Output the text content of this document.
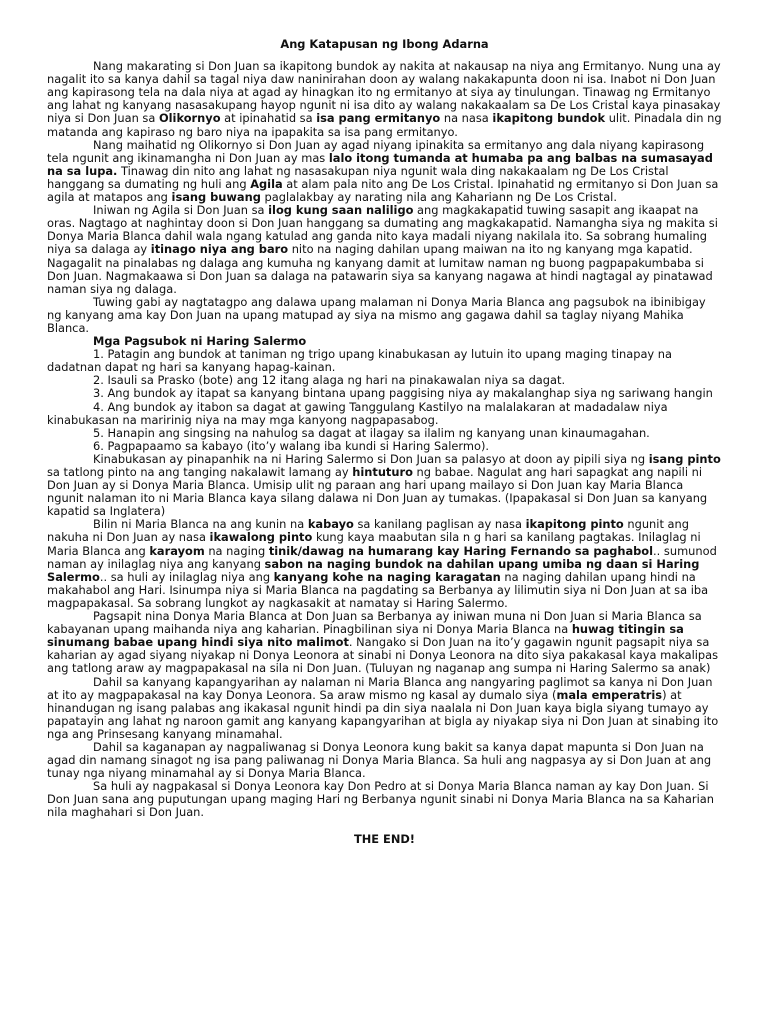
Ang Katapusan ng Ibong Adarna

Nang makarating si Don Juan sa ikapitong bundok ay nakita at nakausap na niya ang Ermitanyo. Nung una ay nagalit ito sa kanya dahil sa tagal niya daw naninirahan doon ay walang nakakapunta doon ni isa. Inabot ni Don Juan ang kapirasong tela na dala niya at agad ay hinagkan ito ng ermitanyo at siya ay tinulungan. Tinawag ng Ermitanyo ang lahat ng kanyang nasasakupang hayop ngunit ni isa dito ay walang nakakaalam sa De Los Cristal kaya pinasakay niya si Don Juan sa Olikornyo at ipinahatid sa isa pang ermitanyo na nasa ikapitong bundok ulit. Pinadala din ng matanda ang kapiraso ng baro niya na ipapakita sa isa pang ermitanyo.

Nang maihatid ng Olikornyo si Don Juan ay agad niyang ipinakita sa ermitanyo ang dala niyang kapirasong tela ngunit ang ikinamangha ni Don Juan ay mas lalo itong tumanda at humaba pa ang balbas na sumasayad na sa lupa. Tinawag din nito ang lahat ng nasasakupan niya ngunit wala ding nakakaalam ng De Los Cristal hanggang sa dumating ng huli ang Agila at alam pala nito ang De Los Cristal. Ipinahatid ng ermitanyo si Don Juan sa agila at matapos ang isang buwang paglalakbay ay narating nila ang Kahariann ng De Los Cristal.

Iniwan ng Agila si Don Juan sa ilog kung saan naliligo ang magkakapatid tuwing sasapit ang ikaapat na oras. Nagtago at naghintay doon si Don Juan hanggang sa dumating ang magkakapatid. Namangha siya ng makita si Donya Maria Blanca dahil wala ngang katulad ang ganda nito kaya madali niyang nakilala ito. Sa sobrang humaling niya sa dalaga ay itinago niya ang baro nito na naging dahilan upang maiwan na ito ng kanyang mga kapatid. Nagagalit na pinalabas ng dalaga ang kumuha ng kanyang damit at lumitaw naman ng buong pagpapakumbaba si Don Juan. Nagmakaawa si Don Juan sa dalaga na patawarin siya sa kanyang nagawa at hindi nagtagal ay pinatawad naman siya ng dalaga.

Tuwing gabi ay nagtatagpo ang dalawa upang malaman ni Donya Maria Blanca ang pagsubok na ibinibigay ng kanyang ama kay Don Juan na upang matupad ay siya na mismo ang gagawa dahil sa taglay niyang Mahika Blanca.

Mga Pagsubok ni Haring Salermo

1. Patagin ang bundok at taniman ng trigo upang kinabukasan ay lutuin ito upang maging tinapay na dadatnan dapat ng hari sa kanyang hapag-kainan.

2. Isauli sa Prasko (bote) ang 12 itang alaga ng hari na pinakawalan niya sa dagat.

3. Ang bundok ay itapat sa kanyang bintana upang paggising niya ay makalanghap siya ng sariwang hangin

4. Ang bundok ay itabon sa dagat at gawing Tanggulang Kastilyo na malalakaran at madadalaw niya kinabukasan na maririnig niya na may mga kanyong nagpapasabog.

5. Hanapin ang singsing na nahulog sa dagat at ilagay sa ilalim ng kanyang unan kinaumagahan.

6. Pagpapaamo sa kabayo (ito’y walang iba kundi si Haring Salermo).

Kinabukasan ay pinapanhik na ni Haring Salermo si Don Juan sa palasyo at doon ay pipili siya ng isang pinto sa tatlong pinto na ang tanging nakalawit lamang ay hintuturo ng babae. Nagulat ang hari sapagkat ang napili ni Don Juan ay si Donya Maria Blanca. Umisip ulit ng paraan ang hari upang mailayo si Don Juan kay Maria Blanca ngunit nalaman ito ni Maria Blanca kaya silang dalawa ni Don Juan ay tumakas. (Ipapakasal si Don Juan sa kanyang kapatid sa Inglatera)

Bilin ni Maria Blanca na ang kunin na kabayo sa kanilang paglisan ay nasa ikapitong pinto ngunit ang nakuha ni Don Juan ay nasa ikawalong pinto kung kaya maabutan sila n g hari sa kanilang pagtakas. Inilaglag ni Maria Blanca ang karayom na naging tinik/dawag na humarang kay Haring Fernando sa paghabol.. sumunod naman ay inilaglag niya ang kanyang sabon na naging bundok na dahilan upang umiba ng daan si Haring Salermo.. sa huli ay inilaglag niya ang kanyang kohe na naging karagatan na naging dahilan upang hindi na makahabol ang Hari. Isinumpa niya si Maria Blanca na pagdating sa Berbanya ay lilimutin siya ni Don Juan at sa iba magpapakasal. Sa sobrang lungkot ay nagkasakit at namatay si Haring Salermo.

Pagsapit nina Donya Maria Blanca at Don Juan sa Berbanya ay iniwan muna ni Don Juan si Maria Blanca sa kabayanan upang maihanda niya ang kaharian. Pinagbilinan siya ni Donya Maria Blanca na huwag titingin sa sinumang babae upang hindi siya nito malimot. Nangako si Don Juan na ito’y gagawin ngunit pagsapit niya sa kaharian ay agad siyang niyakap ni Donya Leonora at sinabi ni Donya Leonora na dito siya pakakasal kaya makalipas ang tatlong araw ay magpapakasal na sila ni Don Juan. (Tuluyan ng naganap ang sumpa ni Haring Salermo sa anak)

Dahil sa kanyang kapangyarihan ay nalaman ni Maria Blanca ang nangyaring paglimot sa kanya ni Don Juan at ito ay magpapakasal na kay Donya Leonora. Sa araw mismo ng kasal ay dumalo siya (mala emperatris) at hinandugan ng isang palabas ang ikakasal ngunit hindi pa din siya naalala ni Don Juan kaya bigla siyang tumayo ay papatayin ang lahat ng naroon gamit ang kanyang kapangyarihan at bigla ay niyakap siya ni Don Juan at sinabing ito nga ang Prinsesang kanyang minamahal.

Dahil sa kaganapan ay nagpaliwanag si Donya Leonora kung bakit sa kanya dapat mapunta si Don Juan na agad din namang sinagot ng isa pang paliwanag ni Donya Maria Blanca. Sa huli ang nagpasya ay si Don Juan at ang tunay nga niyang minamahal ay si Donya Maria Blanca.

Sa huli ay nagpakasal si Donya Leonora kay Don Pedro at si Donya Maria Blanca naman ay kay Don Juan. Si Don Juan sana ang puputungan upang maging Hari ng Berbanya ngunit sinabi ni Donya Maria Blanca na sa Kaharian nila maghahari si Don Juan.

THE END!
